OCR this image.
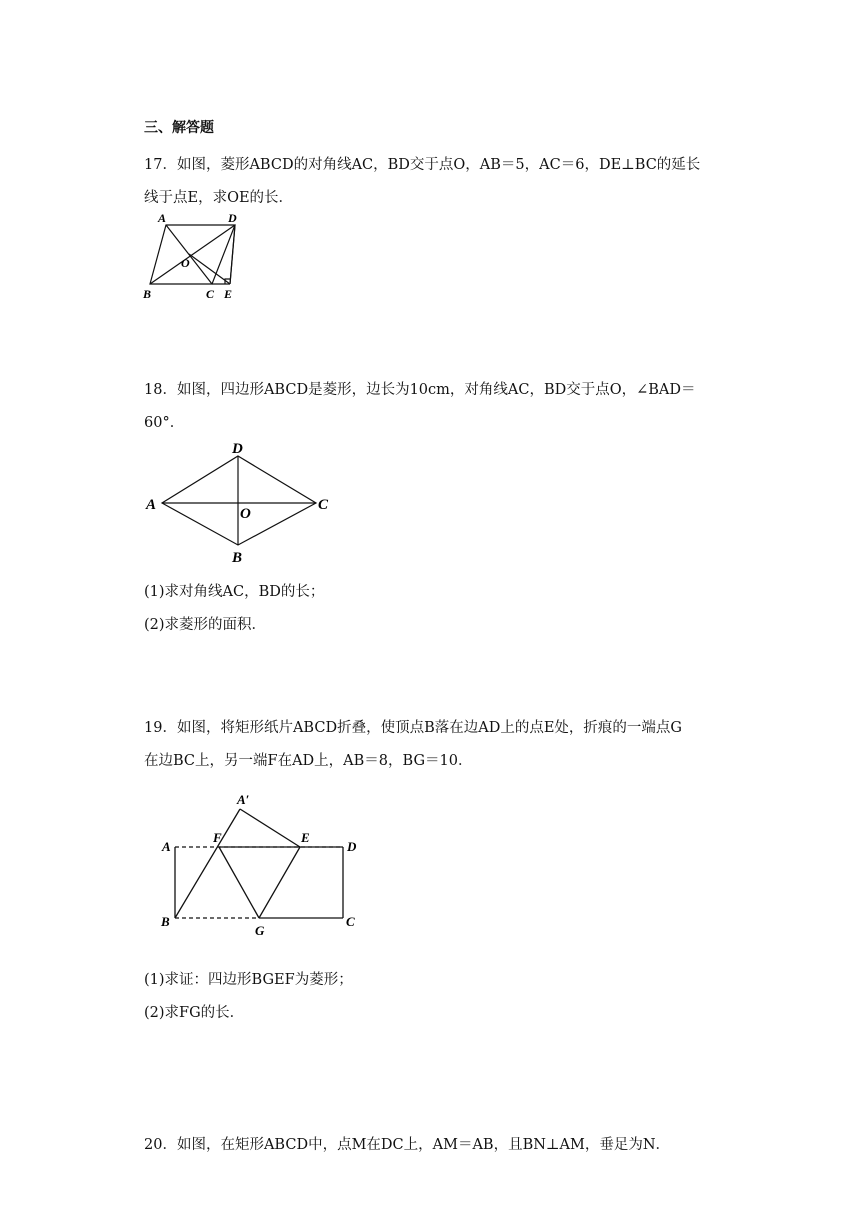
三、解答题
17．如图，菱形ABCD的对角线AC，BD交于点O，AB＝5，AC＝6，DE⊥BC的延长
线于点E，求OE的长．
A	D
O
B	C E
18．如图，四边形ABCD是菱形，边长为10cm，对角线AC，BD交于点O，∠BAD＝
60°．
D
A
O
C
B
(1)求对角线AC，BD的长；
(2)求菱形的面积．
19．如图，将矩形纸片ABCD折叠，使顶点B落在边AD上的点E处，折痕的一端点G
在边BC上，另一端F在AD上，AB＝8，BG＝10．
A′
F	E
D
A
B
G
C
(1)求证：四边形BGEF为菱形；
(2)求FG的长．
20．如图，在矩形ABCD中，点M在DC上，AM＝AB，且BN⊥AM，垂足为N．
